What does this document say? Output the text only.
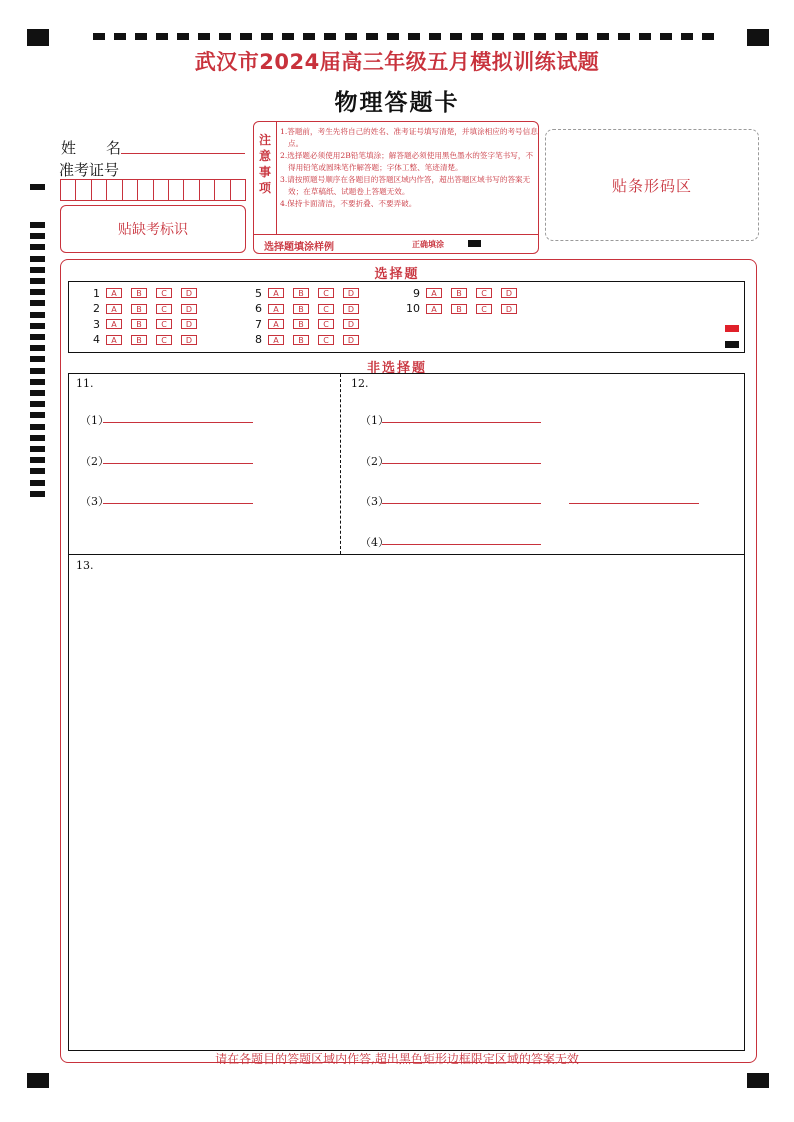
武汉市2024届高三年级五月模拟训练试题
物理答题卡
姓　　名
准考证号
贴缺考标识
注
意
事
项
1.答题前，考生先将自己的姓名、准考证号填写清楚，并填涂相应的考号信息点。
2.选择题必须使用2B铅笔填涂；解答题必须使用黑色墨水的签字笔书写，不得用铅笔或圆珠笔作解答题；字体工整、笔迹清楚。
3.请按照题号顺序在各题目的答题区域内作答，超出答题区域书写的答案无效；在草稿纸、试题卷上答题无效。
4.保持卡面清洁，不要折叠、不要弄破。
选择题填涂样例	正确填涂
贴条形码区
选择题
1	A	B	C	D
2	A	B	C	D
3	A	B	C	D
4	A	B	C	D
5	A	B	C	D
6	A	B	C	D
7	A	B	C	D
8	A	B	C	D
9	A	B	C	D
10	A	B	C	D
非选择题
11.
（1）
（2）
（3）
12.
（1）
（2）
（3）
（4）
13.
请在各题目的答题区域内作答,超出黑色矩形边框限定区域的答案无效
